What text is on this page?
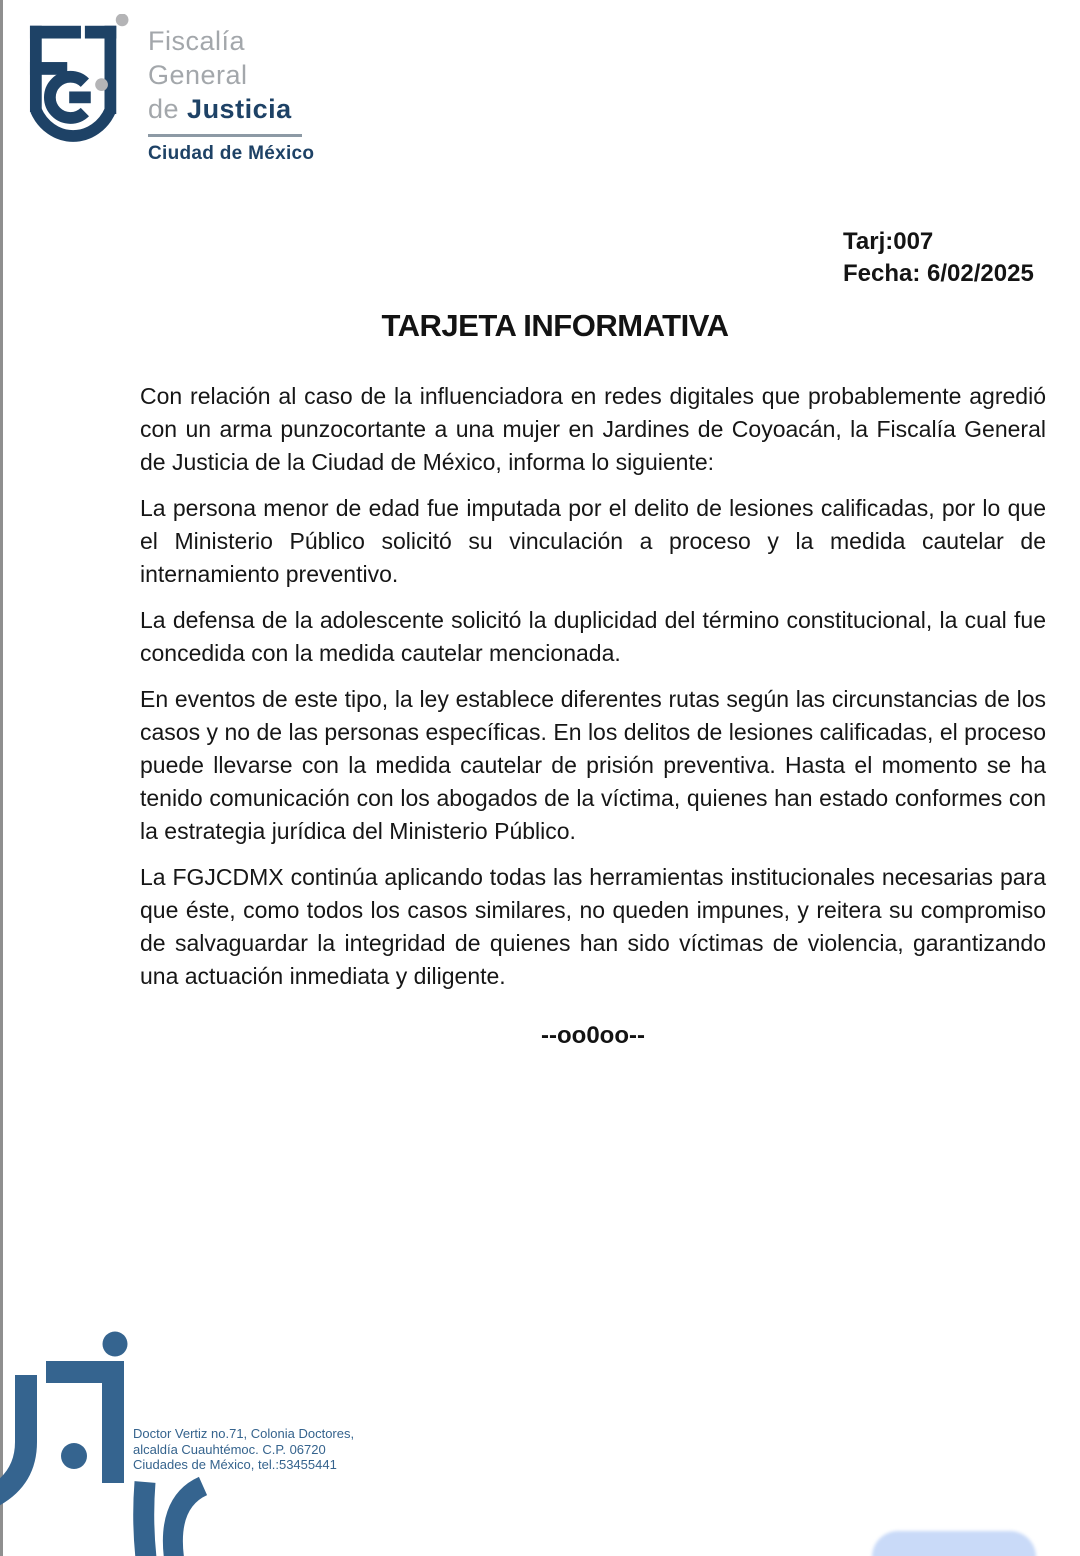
Fiscalía
General
de Justicia
Ciudad de México
Tarj:007
Fecha: 6/02/2025
TARJETA INFORMATIVA

Con relación al caso de la influenciadora en redes digitales que probablemente agredió con un arma punzocortante a una mujer en Jardines de Coyoacán, la Fiscalía General de Justicia de la Ciudad de México, informa lo siguiente:

La persona menor de edad fue imputada por el delito de lesiones calificadas, por lo que el Ministerio Público solicitó su vinculación a proceso y la medida cautelar de internamiento preventivo.

La defensa de la adolescente solicitó la duplicidad del término constitucional, la cual fue concedida con la medida cautelar mencionada.

En eventos de este tipo, la ley establece diferentes rutas según las circunstancias de los casos y no de las personas específicas. En los delitos de lesiones calificadas, el proceso puede llevarse con la medida cautelar de prisión preventiva. Hasta el momento se ha tenido comunicación con los abogados de la víctima, quienes han estado conformes con la estrategia jurídica del Ministerio Público.

La FGJCDMX continúa aplicando todas las herramientas institucionales necesarias para que éste, como todos los casos similares, no queden impunes, y reitera su compromiso de salvaguardar la integridad de quienes han sido víctimas de violencia, garantizando una actuación inmediata y diligente.

--oo0oo--
Doctor Vertiz no.71, Colonia Doctores,
alcaldía Cuauhtémoc. C.P. 06720
Ciudades de México, tel.:53455441
